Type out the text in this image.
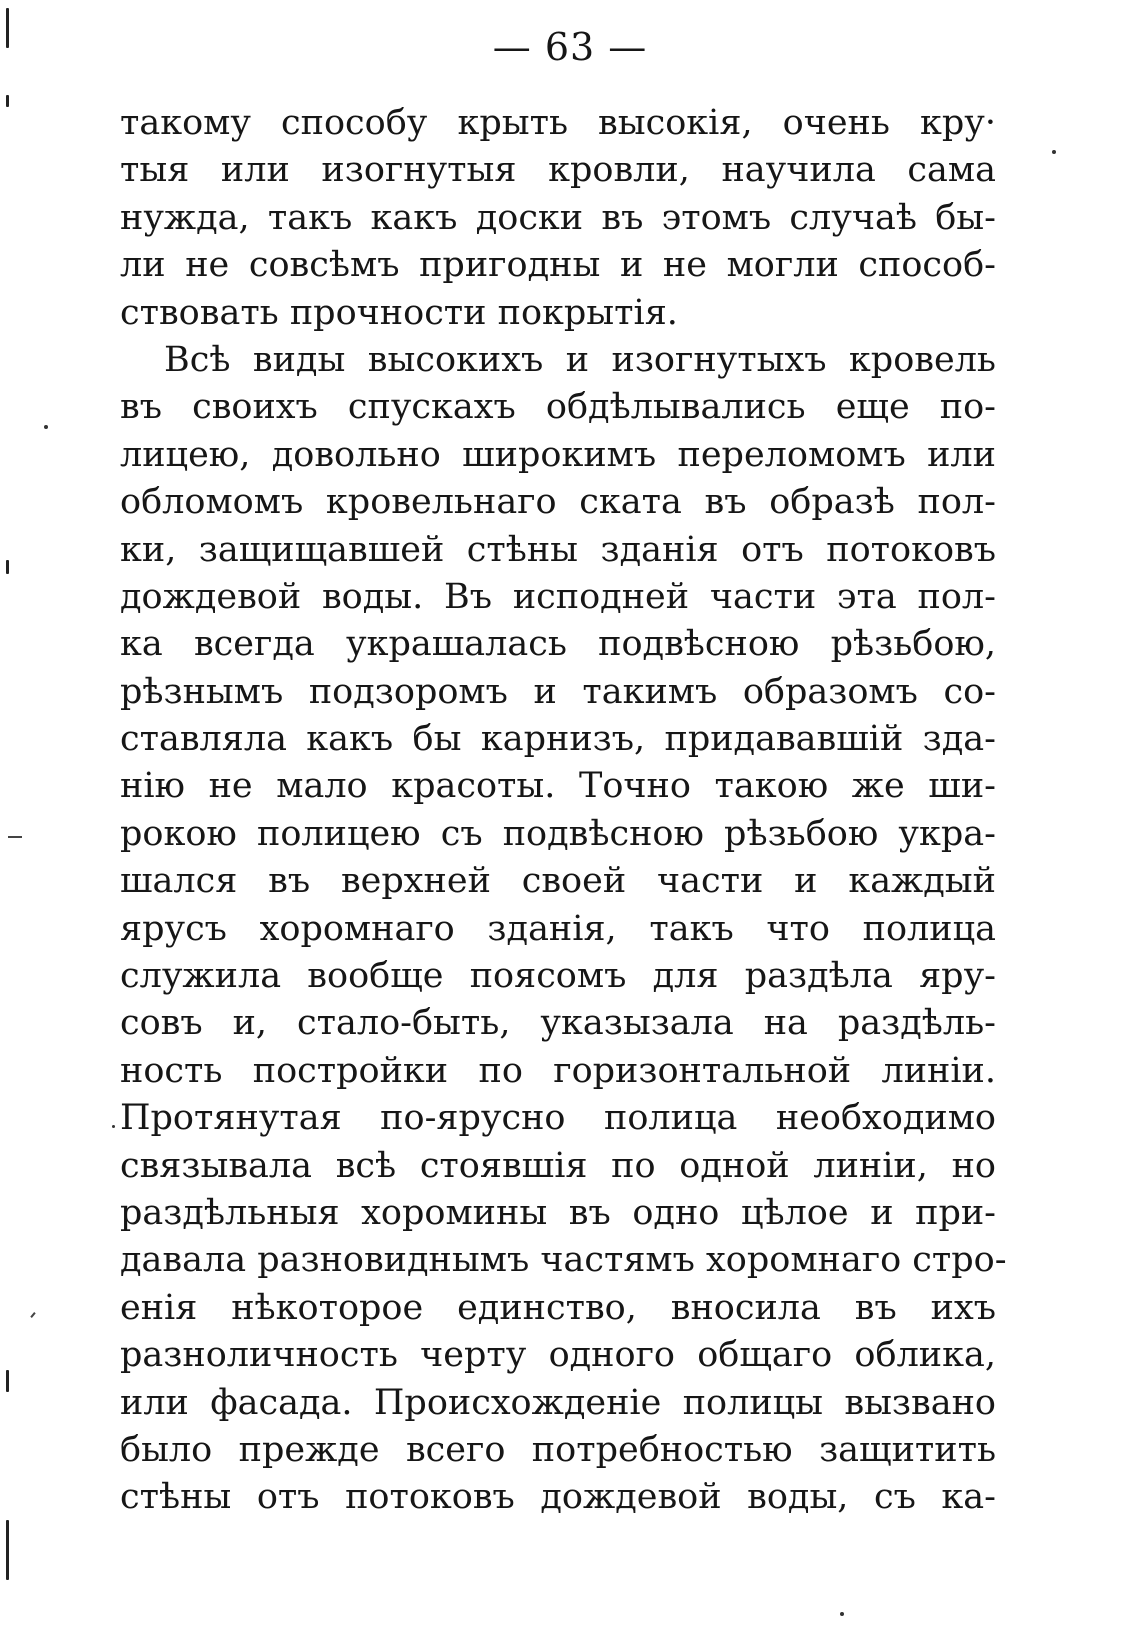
— 63 —
такому способу крыть высокія, очень кру·
тыя или изогнутыя кровли, научила сама
нужда, такъ какъ доски въ этомъ случаѣ бы-
ли не совсѣмъ пригодны и не могли способ-
ствовать прочности покрытія.
Всѣ виды высокихъ и изогнутыхъ кровель
въ своихъ спускахъ обдѣлывались еще по-
лицею, довольно широкимъ переломомъ или
обломомъ кровельнаго ската въ образѣ пол-
ки, защищавшей стѣны зданія отъ потоковъ
дождевой воды. Въ исподней части эта пол-
ка всегда украшалась подвѣсною рѣзьбою,
рѣзнымъ подзоромъ и такимъ образомъ со-
ставляла какъ бы карнизъ, придававшій зда-
нію не мало красоты. Точно такою же ши-
рокою полицею съ подвѣсною рѣзьбою укра-
шался въ верхней своей части и каждый
ярусъ хоромнаго зданія, такъ что полица
служила вообще поясомъ для раздѣла яру-
совъ и, стало-быть, указызала на раздѣль-
ность постройки по горизонтальной линіи.
Протянутая по-ярусно полица необходимо
связывала всѣ стоявшія по одной линіи, но
раздѣльныя хоромины въ одно цѣлое и при-
давала разновиднымъ частямъ хоромнаго стро-
енія нѣкоторое единство, вносила въ ихъ
разноличность черту одного общаго облика,
или фасада. Происхожденіе полицы вызвано
было прежде всего потребностью защитить
стѣны отъ потоковъ дождевой воды, съ ка-
